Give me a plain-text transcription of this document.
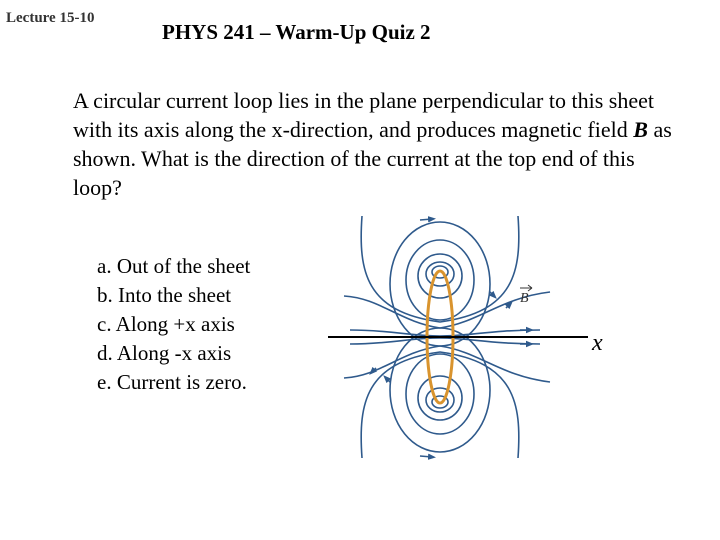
Lecture 15-10
PHYS 241 – Warm-Up Quiz 2

A circular current loop lies in the plane perpendicular to this sheet with its axis along the x-direction, and produces magnetic field B as shown. What is the direction of the current at the top end of this loop?

a. Out of the sheet
b. Into the sheet
c. Along +x axis
d. Along -x axis
e. Current is zero.
B
x
